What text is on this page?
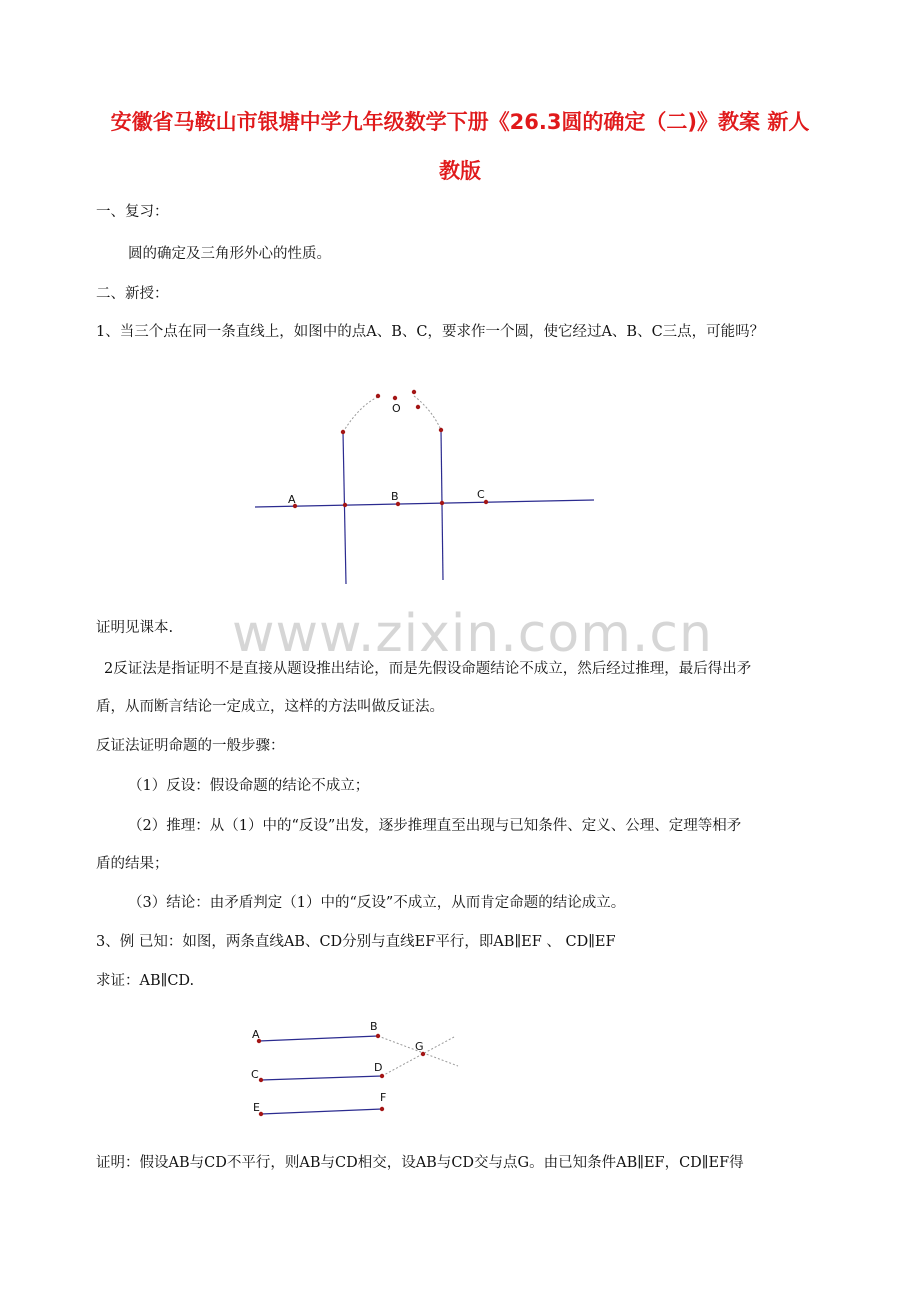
安徽省马鞍山市银塘中学九年级数学下册《26.3圆的确定（二)》教案 新人
教版
一、复习：
圆的确定及三角形外心的性质。
二、新授：
1、当三个点在同一条直线上，如图中的点A、B、C，要求作一个圆，使它经过A、B、C三点，可能吗？
O
A	B	C
www.zixin.com.cn
证明见课本.
2反证法是指证明不是直接从题设推出结论，而是先假设命题结论不成立，然后经过推理，最后得出矛
盾，从而断言结论一定成立，这样的方法叫做反证法。
反证法证明命题的一般步骤：
（1）反设：假设命题的结论不成立；
（2）推理：从（1）中的“反设”出发，逐步推理直至出现与已知条件、定义、公理、定理等相矛
盾的结果；
（3）结论：由矛盾判定（1）中的“反设”不成立，从而肯定命题的结论成立。
3、例 已知：如图，两条直线AB、CD分别与直线EF平行，即AB∥EF 、 CD∥EF
求证：AB∥CD.
A
B
C
D
E
F
G
证明：假设AB与CD不平行，则AB与CD相交，设AB与CD交与点G。由已知条件AB∥EF，CD∥EF得
